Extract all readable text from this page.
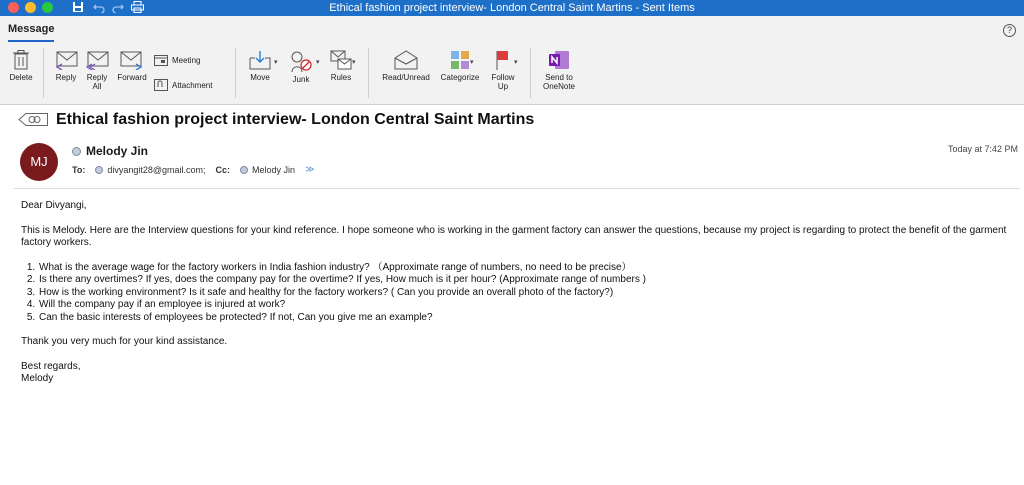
Ethical fashion project interview- London Central Saint Martins - Sent Items
Message	?
Delete	Reply	Reply
All
Forward
Meeting
Attachment
Move
▾
Junk
▾
Rules
▾
Read/Unread	Categorize
▾
Follow
Up
▾
Send to
OneNote
Ethical fashion project interview- London Central Saint Martins
MJ
Melody Jin
To: divyangit28@gmail.com; Cc: Melody Jin ≫
Today at 7:42 PM

Dear Divyangi,

This is Melody. Here are the Interview questions for your kind reference. I hope someone who is working in the garment factory can answer the questions, because my project is regarding to protect the benefit of the garment factory workers.

1. What is the average wage for the factory workers in India fashion industry? （Approximate range of numbers, no need to be precise）
2. Is there any overtimes? If yes, does the company pay for the overtime? If yes, How much is it per hour? (Approximate range of numbers )
3. How is the working environment? Is it safe and healthy for the factory workers? ( Can you provide an overall photo of the factory?)
4. Will the company pay if an employee is injured at work?
5. Can the basic interests of employees be protected? If not, Can you give me an example?

Thank you very much for your kind assistance.

Best regards,

Melody
